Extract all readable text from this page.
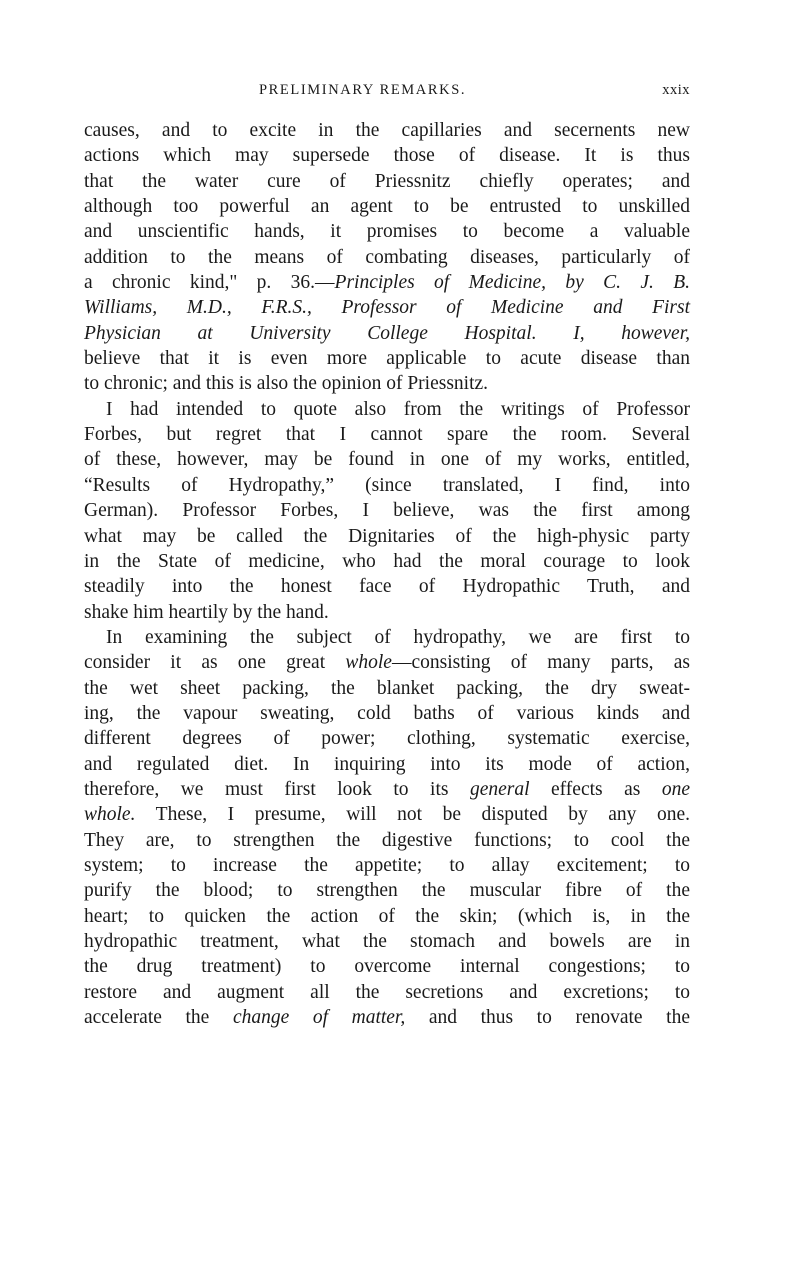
PRELIMINARY REMARKS.	xxix
causes, and to excite in the capillaries and secernents new
actions which may supersede those of disease. It is thus
that the water cure of Priessnitz chiefly operates; and
although too powerful an agent to be entrusted to unskilled
and unscientific hands, it promises to become a valuable
addition to the means of combating diseases, particularly of
a chronic kind," p. 36.—Principles of Medicine, by C. J. B.
Williams, M.D., F.R.S., Professor of Medicine and First
Physician at University College Hospital. I, however,
believe that it is even more applicable to acute disease than
to chronic; and this is also the opinion of Priessnitz.
I had intended to quote also from the writings of Professor
Forbes, but regret that I cannot spare the room. Several
of these, however, may be found in one of my works, entitled,
“Results of Hydropathy,” (since translated, I find, into
German). Professor Forbes, I believe, was the first among
what may be called the Dignitaries of the high-physic party
in the State of medicine, who had the moral courage to look
steadily into the honest face of Hydropathic Truth, and
shake him heartily by the hand.
In examining the subject of hydropathy, we are first to
consider it as one great whole—consisting of many parts, as
the wet sheet packing, the blanket packing, the dry sweat-
ing, the vapour sweating, cold baths of various kinds and
different degrees of power; clothing, systematic exercise,
and regulated diet. In inquiring into its mode of action,
therefore, we must first look to its general effects as one
whole. These, I presume, will not be disputed by any one.
They are, to strengthen the digestive functions; to cool the
system; to increase the appetite; to allay excitement; to
purify the blood; to strengthen the muscular fibre of the
heart; to quicken the action of the skin; (which is, in the
hydropathic treatment, what the stomach and bowels are in
the drug treatment) to overcome internal congestions; to
restore and augment all the secretions and excretions; to
accelerate the change of matter, and thus to renovate the
